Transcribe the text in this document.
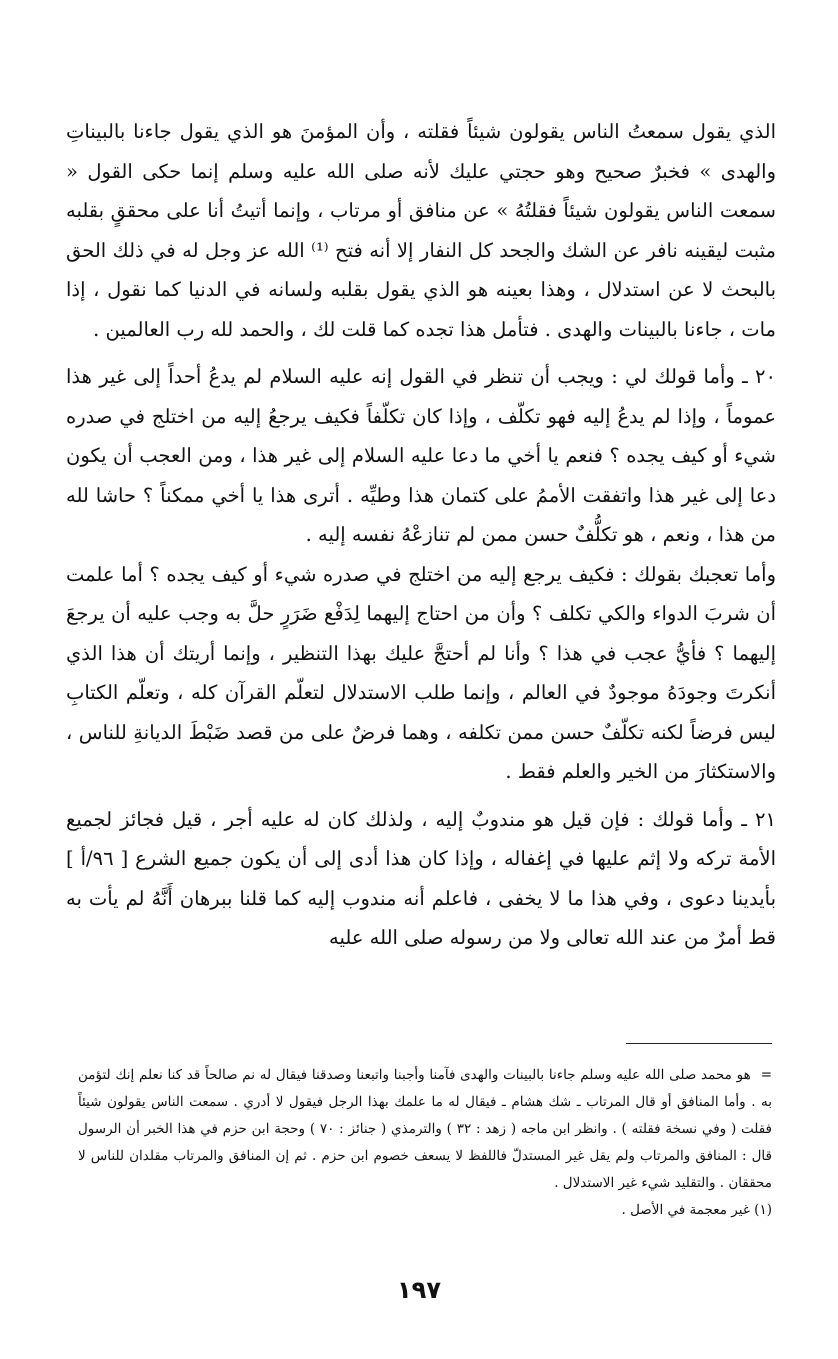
الذي يقول سمعتُ الناس يقولون شيئاً فقلته ، وأن المؤمنَ هو الذي يقول جاءنا بالبيناتِ والهدى » فخبرٌ صحيح وهو حجتي عليك لأنه صلى الله عليه وسلم إنما حكى القول « سمعت الناس يقولون شيئاً فقلتُهُ » عن منافق أو مرتاب ، وإنما أتيتُ أنا على محققٍ بقلبه مثبت ليقينه نافر عن الشك والجحد كل النفار إلا أنه فتح ⁽¹⁾ الله عز وجل له في ذلك الحق بالبحث لا عن استدلال ، وهذا بعينه هو الذي يقول بقلبه ولسانه في الدنيا كما نقول ، إذا مات ، جاءنا بالبينات والهدى . فتأمل هذا تجده كما قلت لك ، والحمد لله رب العالمين .

٢٠ ـ وأما قولك لي : ويجب أن تنظر في القول إنه عليه السلام لم يدعُ أحداً إلى غير هذا عموماً ، وإذا لم يدعُ إليه فهو تكلّف ، وإذا كان تكلّفاً فكيف يرجعُ إليه من اختلج في صدره شيء أو كيف يجده ؟ فنعم يا أخي ما دعا عليه السلام إلى غير هذا ، ومن العجب أن يكون دعا إلى غير هذا واتفقت الأممُ على كتمان هذا وطيِّه . أترى هذا يا أخي ممكناً ؟ حاشا لله من هذا ، ونعم ، هو تكلُّفٌ حسن ممن لم تنازعْهُ نفسه إليه .

وأما تعجبك بقولك : فكيف يرجع إليه من اختلج في صدره شيء أو كيف يجده ؟ أما علمت أن شربَ الدواء والكي تكلف ؟ وأن من احتاج إليهما لِدَفْع ضَرَرٍ حلَّ به وجب عليه أن يرجعَ إليهما ؟ فأيُّ عجب في هذا ؟ وأنا لم أحتجَّ عليك بهذا التنظير ، وإنما أريتك أن هذا الذي أنكرتَ وجودَهُ موجودٌ في العالم ، وإنما طلب الاستدلال لتعلّم القرآن كله ، وتعلّم الكتابِ ليس فرضاً لكنه تكلّفٌ حسن ممن تكلفه ، وهما فرضٌ على من قصد ضَبْطَ الديانةِ للناس ، والاستكثارَ من الخير والعلم فقط .

٢١ ـ وأما قولك : فإن قيل هو مندوبٌ إليه ، ولذلك كان له عليه أجر ، قيل فجائز لجميع الأمة تركه ولا إثم عليها في إغفاله ، وإذا كان هذا أدى إلى أن يكون جميع الشرع [ ٩٦/أ ] بأيدينا دعوى ، وفي هذا ما لا يخفى ، فاعلم أنه مندوب إليه كما قلنا ببرهان أَنَّهُ لم يأت به قط أمرٌ من عند الله تعالى ولا من رسوله صلى الله عليه

=هو محمد صلى الله عليه وسلم جاءنا بالبينات والهدى فآمنا وأجبنا واتبعنا وصدقنا فيقال له نم صالحاً قد كنا نعلم إنك لتؤمن به . وأما المنافق أو قال المرتاب ـ شك هشام ـ فيقال له ما علمك بهذا الرجل فيقول لا أدري . سمعت الناس يقولون شيئاً فقلت ( وفي نسخة فقلته ) . وانظر ابن ماجه ( زهد : ٣٢ ) والترمذي ( جنائز : ٧٠ ) وحجة ابن حزم في هذا الخبر أن الرسول قال : المنافق والمرتاب ولم يقل غير المستدلّ فاللفظ لا يسعف خصوم ابن حزم . ثم إن المنافق والمرتاب مقلدان للناس لا محققان . والتقليد شيء غير الاستدلال .

(١) غير معجمة في الأصل .

١٩٧
